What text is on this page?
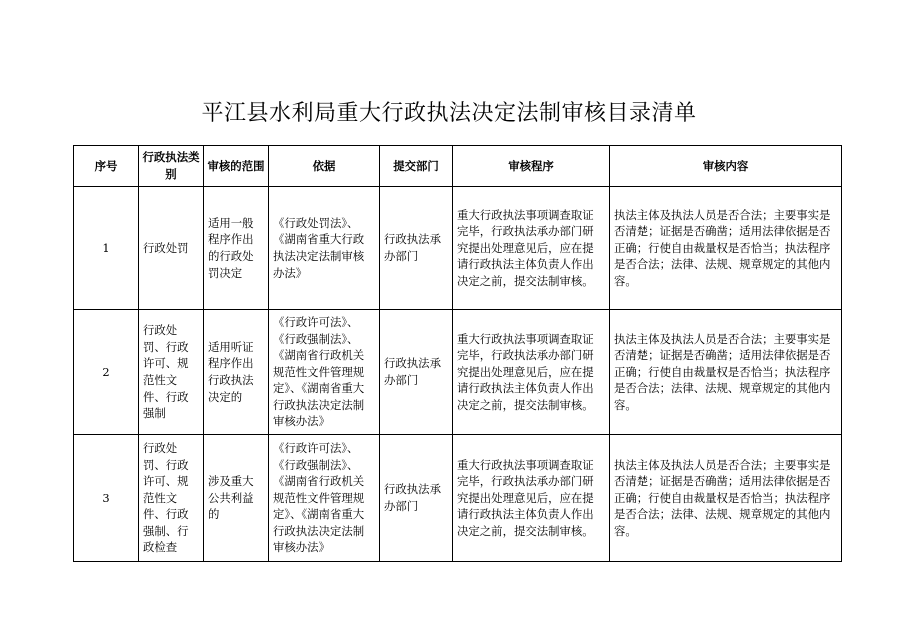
平江县水利局重大行政执法决定法制审核目录清单
序号	行政执法类别	审核的范围	依据	提交部门	审核程序	审核内容
1	行政处罚	适用一般程序作出的行政处罚决定	《行政处罚法》、《湖南省重大行政执法决定法制审核办法》	行政执法承办部门	重大行政执法事项调查取证完毕，行政执法承办部门研究提出处理意见后，应在提请行政执法主体负责人作出决定之前，提交法制审核。	执法主体及执法人员是否合法；主要事实是否清楚；证据是否确凿；适用法律依据是否正确；行使自由裁量权是否恰当；执法程序是否合法；法律、法规、规章规定的其他内容。
2	行政处罚、行政许可、规范性文件、行政强制	适用听证程序作出行政执法决定的	《行政许可法》、《行政强制法》、《湖南省行政机关规范性文件管理规定》、《湖南省重大行政执法决定法制审核办法》	行政执法承办部门	重大行政执法事项调查取证完毕，行政执法承办部门研究提出处理意见后，应在提请行政执法主体负责人作出决定之前，提交法制审核。	执法主体及执法人员是否合法；主要事实是否清楚；证据是否确凿；适用法律依据是否正确；行使自由裁量权是否恰当；执法程序是否合法；法律、法规、规章规定的其他内容。
3	行政处罚、行政许可、规范性文件、行政强制、行政检查	涉及重大公共利益的	《行政许可法》、《行政强制法》、《湖南省行政机关规范性文件管理规定》、《湖南省重大行政执法决定法制审核办法》	行政执法承办部门	重大行政执法事项调查取证完毕，行政执法承办部门研究提出处理意见后，应在提请行政执法主体负责人作出决定之前，提交法制审核。	执法主体及执法人员是否合法；主要事实是否清楚；证据是否确凿；适用法律依据是否正确；行使自由裁量权是否恰当；执法程序是否合法；法律、法规、规章规定的其他内容。
